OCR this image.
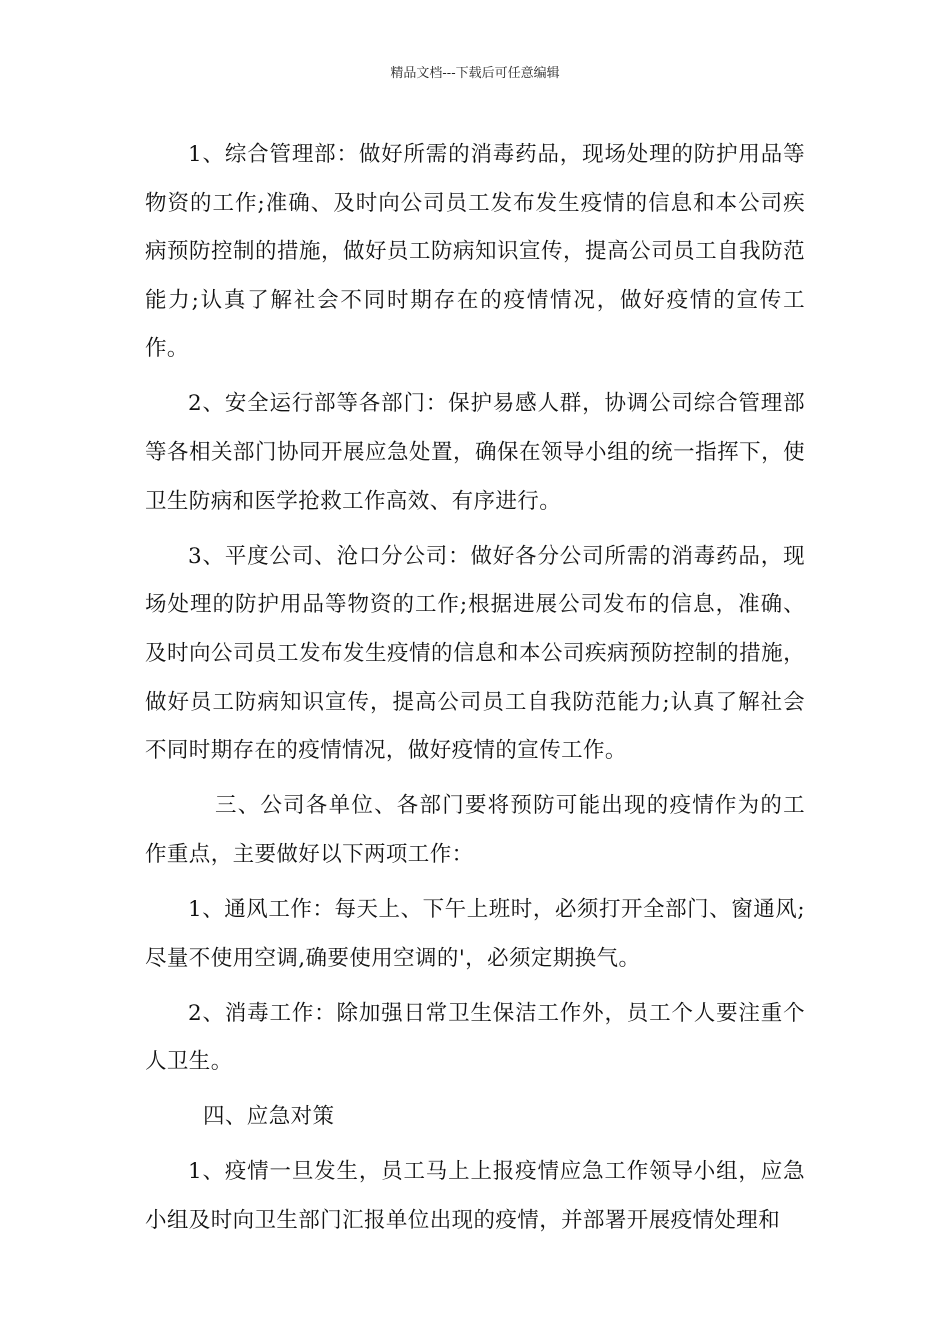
精品文档---下载后可任意编辑

1、综合管理部：做好所需的消毒药品，现场处理的防护用品等物资的工作;准确、及时向公司员工发布发生疫情的信息和本公司疾病预防控制的措施，做好员工防病知识宣传，提高公司员工自我防范能力;认真了解社会不同时期存在的疫情情况，做好疫情的宣传工作。

2、安全运行部等各部门：保护易感人群，协调公司综合管理部等各相关部门协同开展应急处置，确保在领导小组的统一指挥下，使卫生防病和医学抢救工作高效、有序进行。

3、平度公司、沧口分公司：做好各分公司所需的消毒药品，现场处理的防护用品等物资的工作;根据进展公司发布的信息，准确、及时向公司员工发布发生疫情的信息和本公司疾病预防控制的措施，做好员工防病知识宣传，提高公司员工自我防范能力;认真了解社会不同时期存在的疫情情况，做好疫情的宣传工作。

三、公司各单位、各部门要将预防可能出现的疫情作为的工作重点，主要做好以下两项工作：

1、通风工作：每天上、下午上班时，必须打开全部门、窗通风;尽量不使用空调,确要使用空调的'，必须定期换气。

2、消毒工作：除加强日常卫生保洁工作外，员工个人要注重个人卫生。

四、应急对策

1、疫情一旦发生，员工马上上报疫情应急工作领导小组，应急小组及时向卫生部门汇报单位出现的疫情，并部署开展疫情处理和
